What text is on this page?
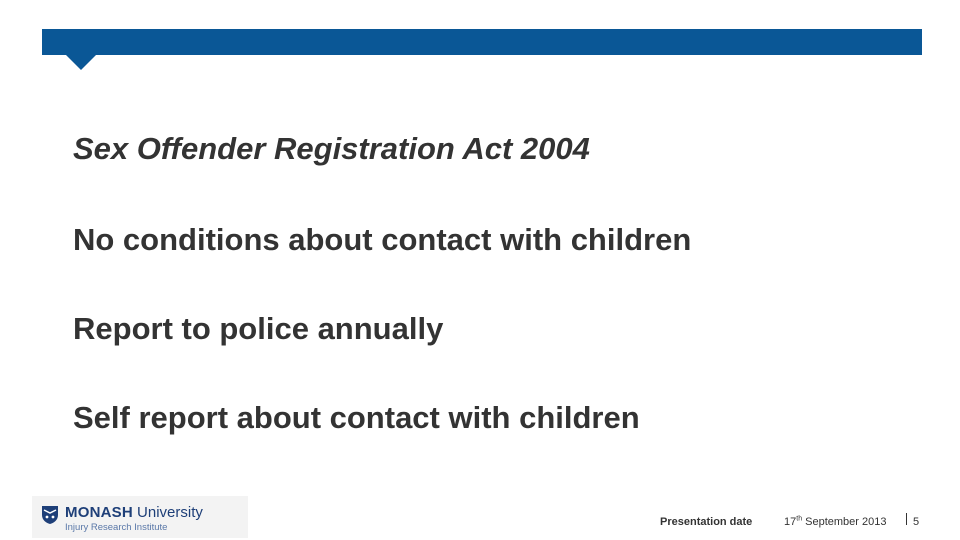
Sex Offender Registration Act 2004
No conditions about contact with children
Report to police annually
Self report about contact with children
MONASH University
Injury Research Institute	Presentation date	17th September 2013 5
